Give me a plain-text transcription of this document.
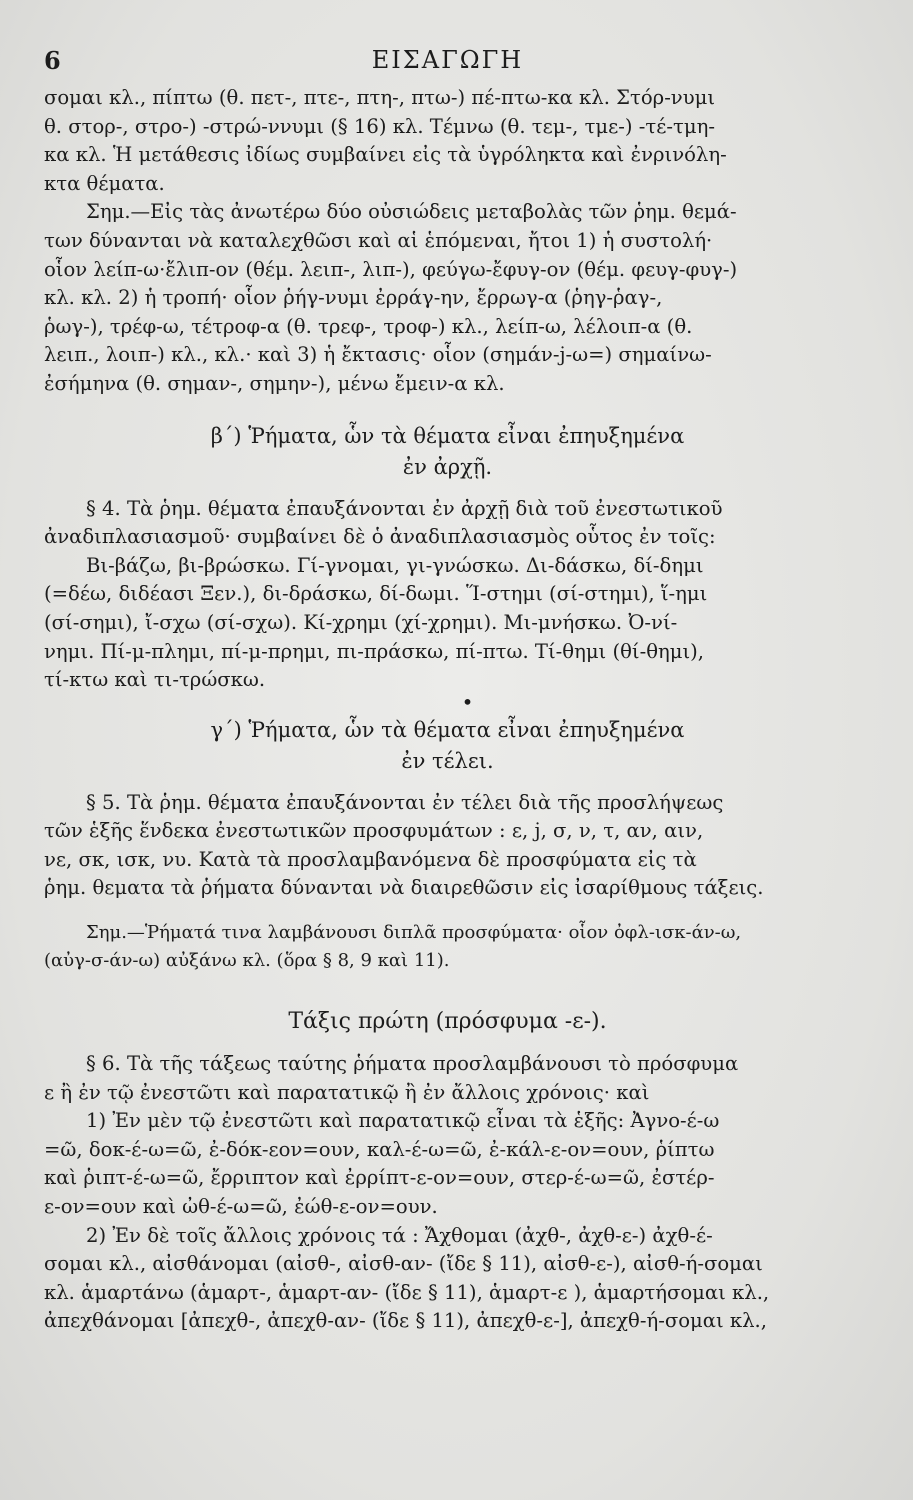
6	ΕΙΣΑΓΩΓΗ
σομαι κλ., πίπτω (θ. πετ-, πτε-, πτη-, πτω-) πέ-πτω-κα κλ. Στόρ-νυμι
θ. στορ-, στρο-) -στρώ-ννυμι (§ 16) κλ. Τέμνω (θ. τεμ-, τμε-) -τέ-τμη-
κα κλ. Ἡ μετάθεσις ἰδίως συμβαίνει εἰς τὰ ὑγρόληκτα καὶ ἐνρινόλη-
κτα θέματα.
Σημ.—Εἰς τὰς ἀνωτέρω δύο οὐσιώδεις μεταβολὰς τῶν ῥημ. θεμά-
των δύνανται νὰ καταλεχθῶσι καὶ αἱ ἑπόμεναι, ἤτοι 1) ἡ συστολή·
οἷον λείπ-ω·ἔλιπ-ον (θέμ. λειπ-, λιπ-), φεύγω-ἔφυγ-ον (θέμ. φευγ-φυγ-)
κλ. κλ. 2) ἡ τροπή· οἷον ῥήγ-νυμι ἐρράγ-ην, ἔρρωγ-α (ῥηγ-ῥαγ-,
ῥωγ-), τρέφ-ω, τέτροφ-α (θ. τρεφ-, τροφ-) κλ., λείπ-ω, λέλοιπ-α (θ.
λειπ., λοιπ-) κλ., κλ.· καὶ 3) ἡ ἔκτασις· οἷον (σημάν-j-ω=) σημαίνω-
ἐσήμηνα (θ. σημαν-, σημην-), μένω ἔμειν-α κλ.
β΄) Ῥήματα, ὧν τὰ θέματα εἶναι ἐπηυξημένα
ἐν ἀρχῇ.
§ 4. Τὰ ῥημ. θέματα ἐπαυξάνονται ἐν ἀρχῇ διὰ τοῦ ἐνεστωτικοῦ
ἀναδιπλασιασμοῦ· συμβαίνει δὲ ὁ ἀναδιπλασιασμὸς οὗτος ἐν τοῖς:
Βι-βάζω, βι-βρώσκω. Γί-γνομαι, γι-γνώσκω. Δι-δάσκω, δί-δημι
(=δέω, διδέασι Ξεν.), δι-δράσκω, δί-δωμι. Ἵ-στημι (σί-στημι), ἵ-ημι
(σί-σημι), ἴ-σχω (σί-σχω). Κί-χρημι (χί-χρημι). Μι-μνήσκω. Ὀ-νί-
νημι. Πί-μ-πλημι, πί-μ-πρημι, πι-πράσκω, πί-πτω. Τί-θημι (θί-θημι),
τί-κτω καὶ τι-τρώσκω.
•
γ΄) Ῥήματα, ὧν τὰ θέματα εἶναι ἐπηυξημένα
ἐν τέλει.
§ 5. Τὰ ῥημ. θέματα ἐπαυξάνονται ἐν τέλει διὰ τῆς προσλήψεως
τῶν ἑξῆς ἕνδεκα ἐνεστωτικῶν προσφυμάτων : ε, j, σ, ν, τ, αν, αιν,
νε, σκ, ισκ, νυ. Κατὰ τὰ προσλαμβανόμενα δὲ προσφύματα εἰς τὰ
ῥημ. θεματα τὰ ῥήματα δύνανται νὰ διαιρεθῶσιν εἰς ἰσαρίθμους τάξεις.
Σημ.—Ῥήματά τινα λαμβάνουσι διπλᾶ προσφύματα· οἷον ὀφλ-ισκ-άν-ω,
(αὐγ-σ-άν-ω) αὐξάνω κλ. (ὅρα § 8, 9 καὶ 11).
Τάξις πρώτη (πρόσφυμα -ε-).
§ 6. Τὰ τῆς τάξεως ταύτης ῥήματα προσλαμβάνουσι τὸ πρόσφυμα
ε ἢ ἐν τῷ ἐνεστῶτι καὶ παρατατικῷ ἢ ἐν ἄλλοις χρόνοις· καὶ
1) Ἐν μὲν τῷ ἐνεστῶτι καὶ παρατατικῷ εἶναι τὰ ἑξῆς: Ἀγνο-έ-ω
=ῶ, δοκ-έ-ω=ῶ, ἐ-δόκ-εον=ουν, καλ-έ-ω=ῶ, ἐ-κάλ-ε-ον=ουν, ῥίπτω
καὶ ῥιπτ-έ-ω=ῶ, ἔρριπτον καὶ ἐρρίπτ-ε-ον=ουν, στερ-έ-ω=ῶ, ἐστέρ-
ε-ον=ουν καὶ ὠθ-έ-ω=ῶ, ἐώθ-ε-ον=ουν.
2) Ἐν δὲ τοῖς ἄλλοις χρόνοις τά : Ἄχθομαι (ἀχθ-, ἀχθ-ε-) ἀχθ-έ-
σομαι κλ., αἰσθάνομαι (αἰσθ-, αἰσθ-αν- (ἴδε § 11), αἰσθ-ε-), αἰσθ-ή-σομαι
κλ. ἁμαρτάνω (ἁμαρτ-, ἁμαρτ-αν- (ἴδε § 11), ἁμαρτ-ε ), ἁμαρτήσομαι κλ.,
ἀπεχθάνομαι [ἀπεχθ-, ἀπεχθ-αν- (ἴδε § 11), ἀπεχθ-ε-], ἀπεχθ-ή-σομαι κλ.,
